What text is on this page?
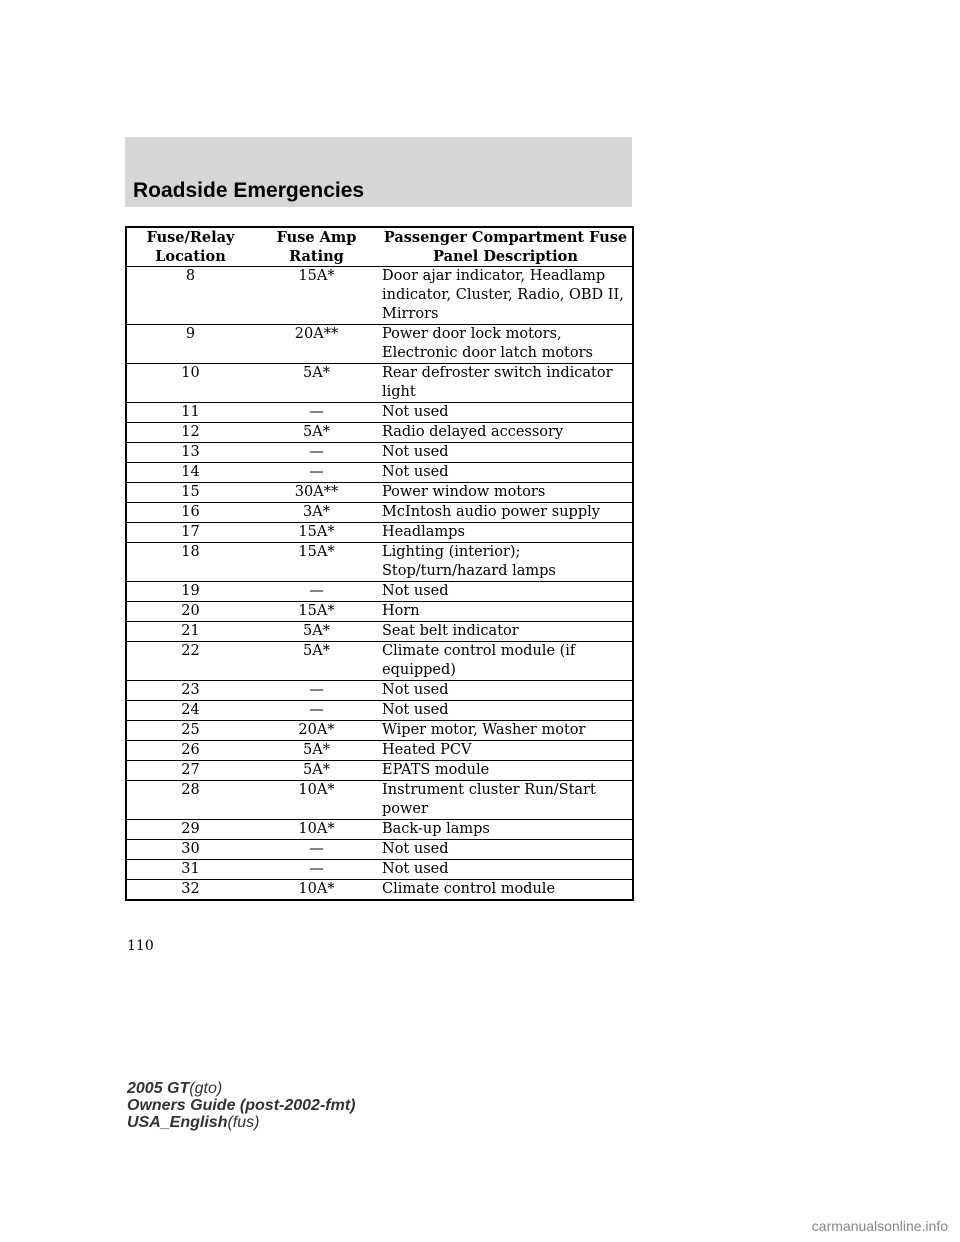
Roadside Emergencies
Fuse/Relay Location	Fuse Amp Rating	Passenger Compartment Fuse Panel Description
8	15A*	Door ajar indicator, Headlamp indicator, Cluster, Radio, OBD II, Mirrors
9	20A**	Power door lock motors, Electronic door latch motors
10	5A*	Rear defroster switch indicator light
11	—	Not used
12	5A*	Radio delayed accessory
13	—	Not used
14	—	Not used
15	30A**	Power window motors
16	3A*	McIntosh audio power supply
17	15A*	Headlamps
18	15A*	Lighting (interior); Stop/turn/hazard lamps
19	—	Not used
20	15A*	Horn
21	5A*	Seat belt indicator
22	5A*	Climate control module (if equipped)
23	—	Not used
24	—	Not used
25	20A*	Wiper motor, Washer motor
26	5A*	Heated PCV
27	5A*	EPATS module
28	10A*	Instrument cluster Run/Start power
29	10A*	Back-up lamps
30	—	Not used
31	—	Not used
32	10A*	Climate control module
110
2005 GT(gto)
Owners Guide (post-2002-fmt)
USA_English(fus)
carmanualsonline.info
